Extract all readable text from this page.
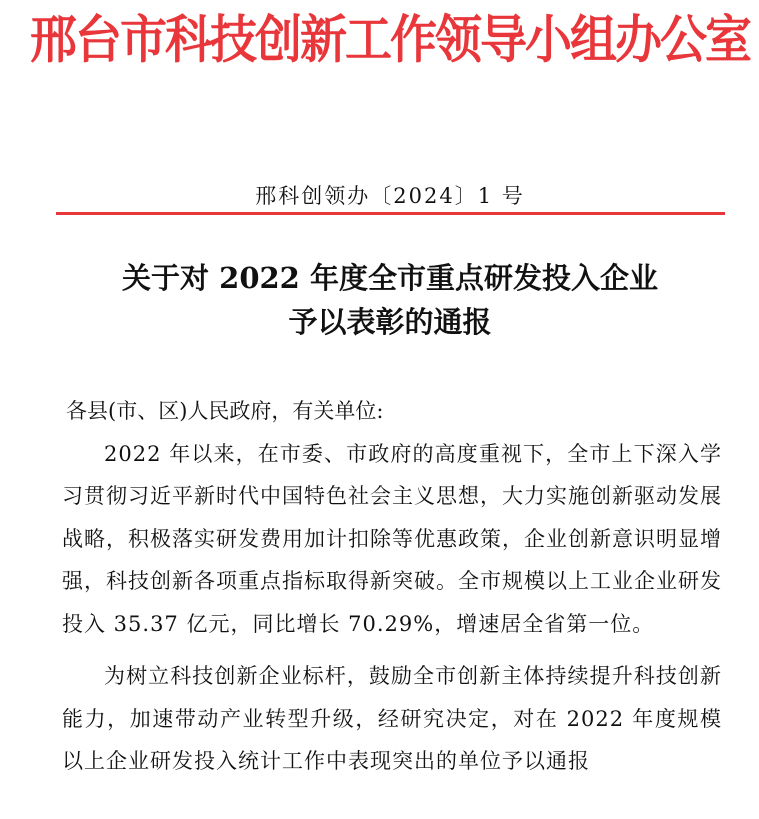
邢台市科技创新工作领导小组办公室
邢科创领办〔2024〕1 号
关于对 2022 年度全市重点研发投入企业
予以表彰的通报
各县(市、区)人民政府，有关单位:

2022 年以来，在市委、市政府的高度重视下，全市上下深入学习贯彻习近平新时代中国特色社会主义思想，大力实施创新驱动发展战略，积极落实研发费用加计扣除等优惠政策，企业创新意识明显增强，科技创新各项重点指标取得新突破。全市规模以上工业企业研发投入 35.37 亿元，同比增长 70.29%，增速居全省第一位。

为树立科技创新企业标杆，鼓励全市创新主体持续提升科技创新能力，加速带动产业转型升级，经研究决定，对在 2022 年度规模以上企业研发投入统计工作中表现突出的单位予以通报
